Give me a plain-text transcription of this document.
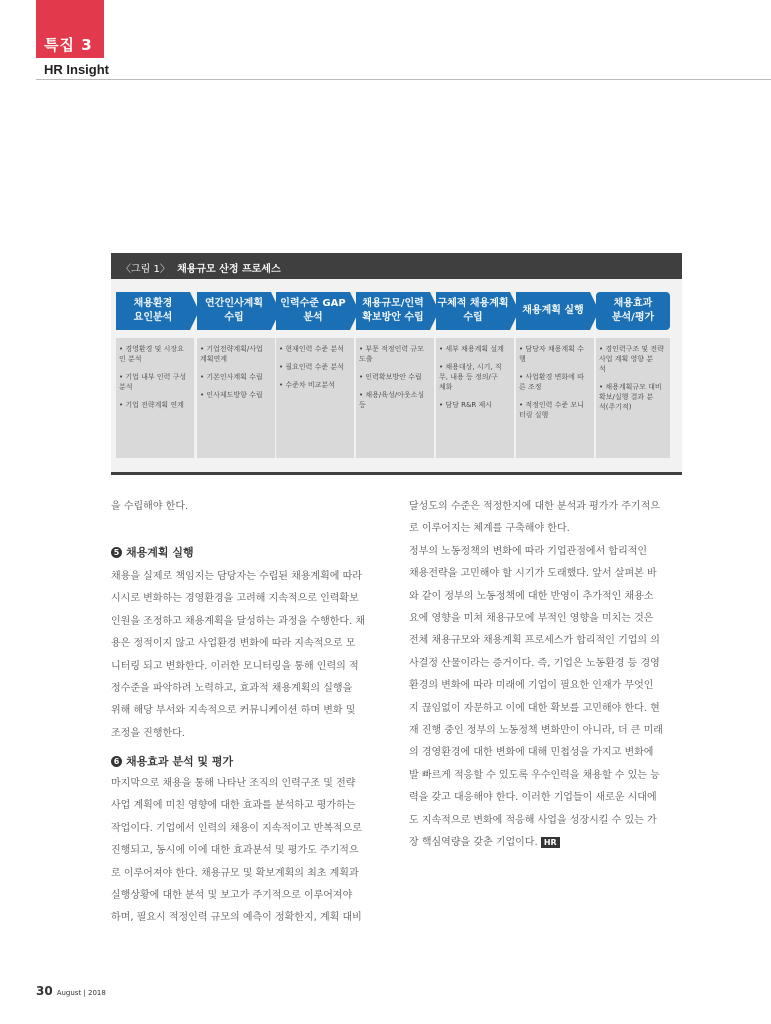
특집 3
HR Insight
〈그림 1〉 채용규모 산정 프로세스
채용환경
요인분석
연간인사계획
수립
인력수준 GAP
분석
채용규모/인력
확보방안 수립
구체적 채용계획
수립
채용계획 실행
채용효과
분석/평가
• 경영환경 및 시장요
인 분석
• 기업 내부 인력 구성
분석
• 기업 전략계획 연계
• 기업전략계획/사업
계획연계
• 기본인사계획 수립
• 인사제도방향 수립
• 현재인력 수준 분석
• 필요인력 수준 분석
• 수준차 비교분석
• 부문 적정인력 규모
도출
• 인력확보방안 수립
• 채용/육성/아웃소싱
등
• 세부 채용계획 설계
• 채용대상, 시기, 직
무, 내용 등 정의/구
체화
• 담당 R&R 제시
• 담당자 채용계획 수
행
• 사업환경 변화에 따
른 조정
• 적정인력 수준 모니
터링 실행
• 경인력구조 및 전략
사업 계획 영향 분
석
• 채용계획규모 대비
확보/실행 결과 분
석(주기적)

을 수립해야 한다.

5 채용계획 실행

채용을 실제로 책임지는 담당자는 수립된 채용계획에 따라
시시로 변화하는 경영환경을 고려해 지속적으로 인력확보
인원을 조정하고 채용계획을 달성하는 과정을 수행한다. 채
용은 정적이지 않고 사업환경 변화에 따라 지속적으로 모
니터링 되고 변화한다. 이러한 모니터링을 통해 인력의 적
정수준을 파악하려 노력하고, 효과적 채용계획의 실행을
위해 해당 부서와 지속적으로 커뮤니케이션 하며 변화 및
조정을 진행한다.

6 채용효과 분석 및 평가

마지막으로 채용을 통해 나타난 조직의 인력구조 및 전략
사업 계획에 미친 영향에 대한 효과를 분석하고 평가하는
작업이다. 기업에서 인력의 채용이 지속적이고 반복적으로
진행되고, 동시에 이에 대한 효과분석 및 평가도 주기적으
로 이루어져야 한다. 채용규모 및 확보계획의 최초 계획과
실행상황에 대한 분석 및 보고가 주기적으로 이루어져야
하며, 필요시 적정인력 규모의 예측이 정확한지, 계획 대비

달성도의 수준은 적정한지에 대한 분석과 평가가 주기적으
로 이루어지는 체계를 구축해야 한다.
정부의 노동정책의 변화에 따라 기업관점에서 합리적인
채용전략을 고민해야 할 시기가 도래했다. 앞서 살펴본 바
와 같이 정부의 노동정책에 대한 반영이 추가적인 채용소
요에 영향을 미쳐 채용규모에 부적인 영향을 미치는 것은
전체 채용규모와 채용계획 프로세스가 합리적인 기업의 의
사결정 산물이라는 증거이다. 즉, 기업은 노동환경 등 경영
환경의 변화에 따라 미래에 기업이 필요한 인재가 무엇인
지 끊임없이 자문하고 이에 대한 확보를 고민해야 한다. 현
재 진행 중인 정부의 노동정책 변화만이 아니라, 더 큰 미래
의 경영환경에 대한 변화에 대해 민첩성을 가지고 변화에
발 빠르게 적응할 수 있도록 우수인력을 채용할 수 있는 능
력을 갖고 대응해야 한다. 이러한 기업들이 새로운 시대에
도 지속적으로 변화에 적응해 사업을 성장시킬 수 있는 가
장 핵심역량을 갖춘 기업이다. HR

30 August | 2018
